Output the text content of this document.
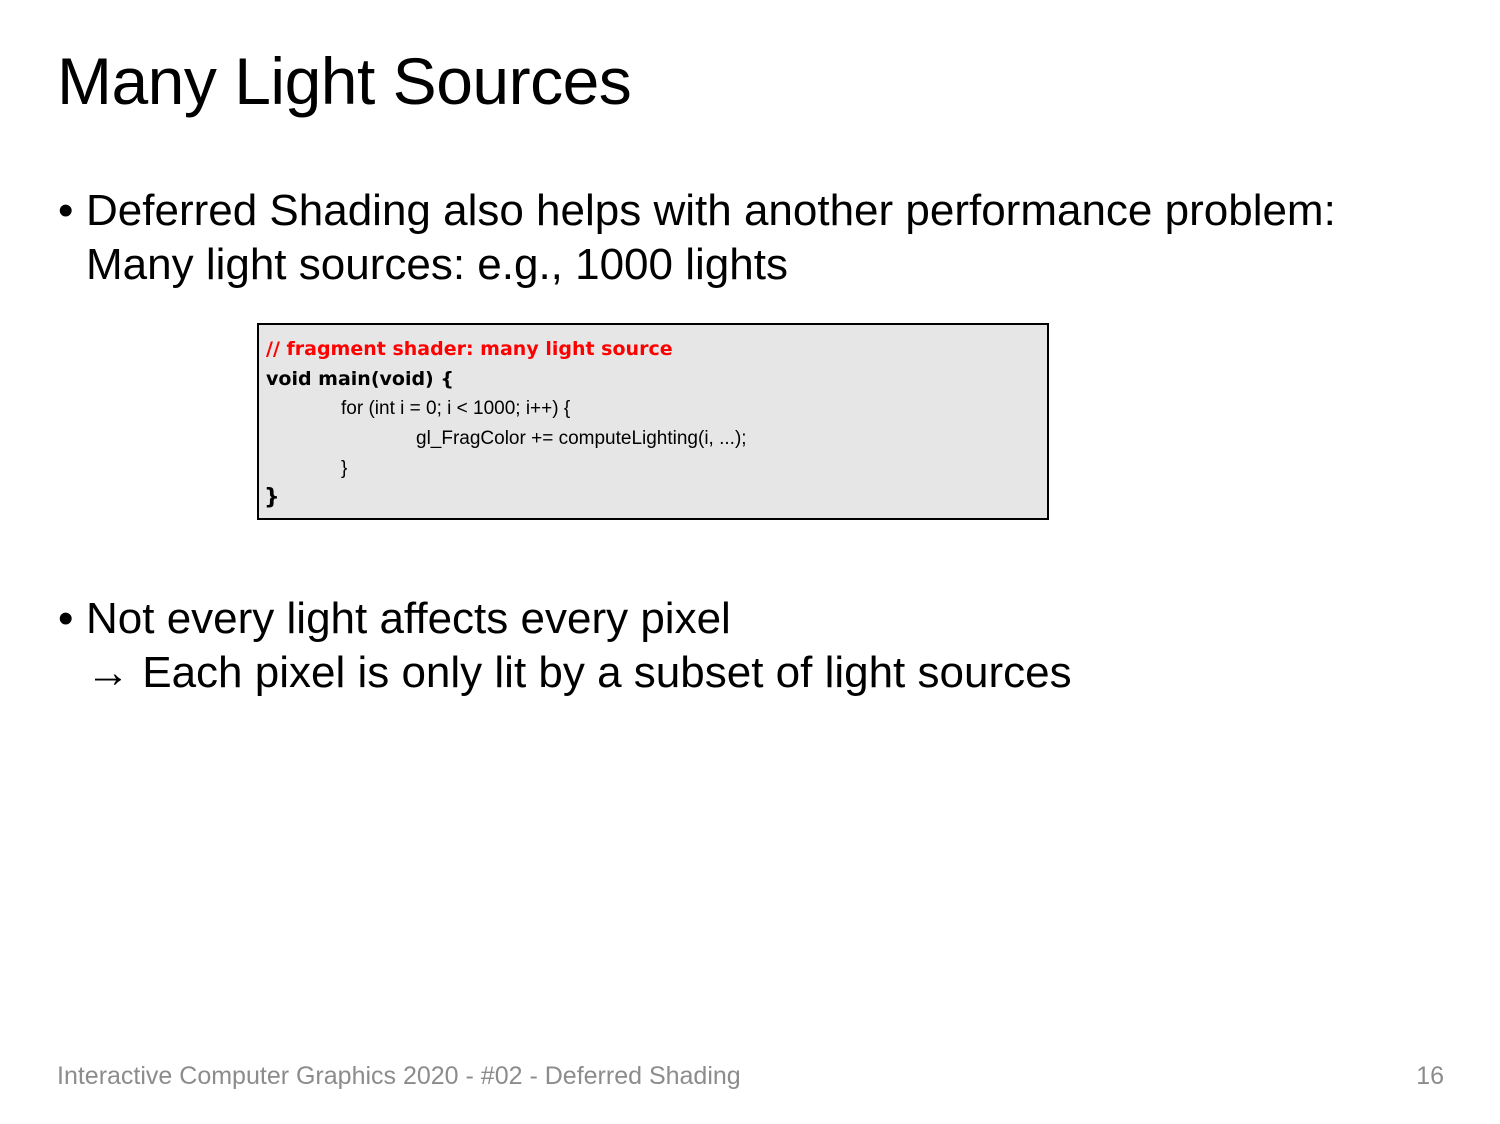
Many Light Sources
• Deferred Shading also helps with another performance problem:
Many light sources: e.g., 1000 lights
// fragment shader: many light source
void main(void) {
for (int i = 0; i < 1000; i++) {
gl_FragColor += computeLighting(i, ...);
}
}
• Not every light affects every pixel
→ Each pixel is only lit by a subset of light sources
Interactive Computer Graphics 2020 - #02 - Deferred Shading	16
